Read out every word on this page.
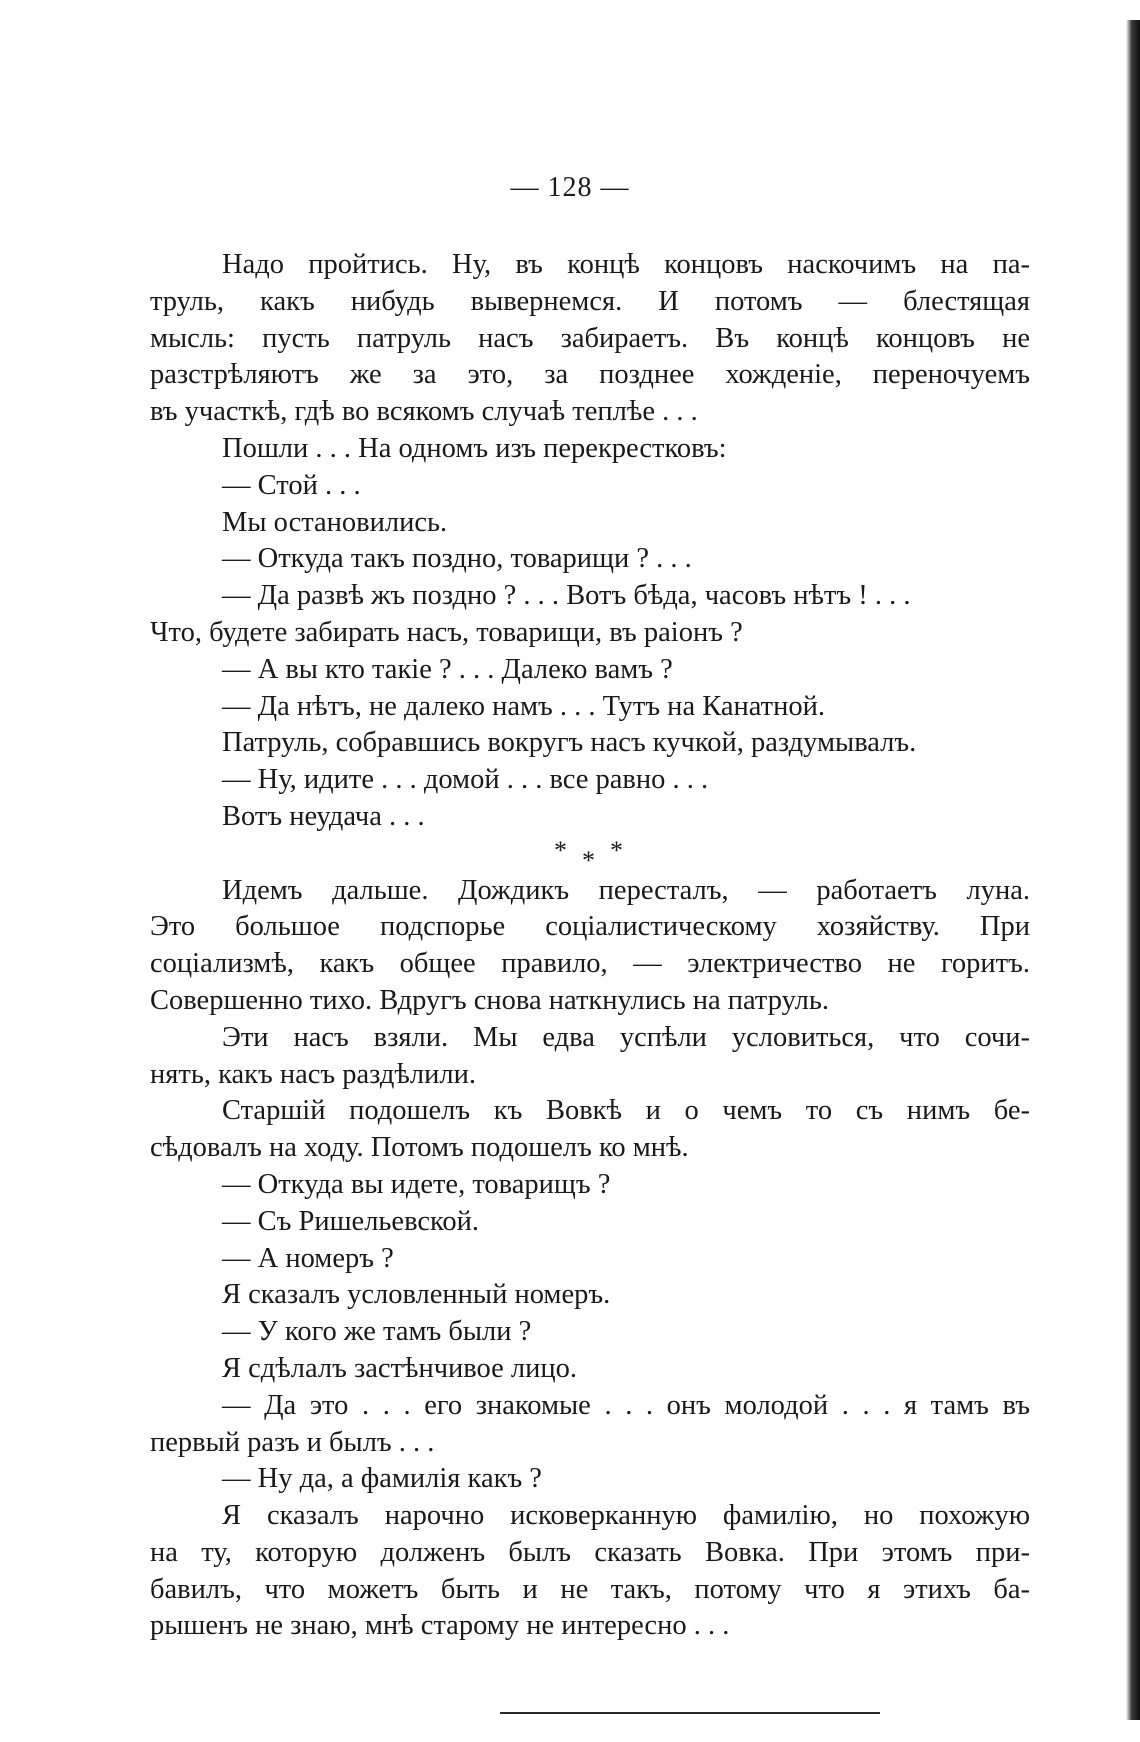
— 128 —
Надо пройтись. Ну, въ концѣ концовъ наскочимъ на па-
труль, какъ нибудь вывернемся. И потомъ — блестящая
мысль: пусть патруль насъ забираетъ. Въ концѣ концовъ не
разстрѣляютъ же за это, за позднее хожденіе, переночуемъ
въ участкѣ, гдѣ во всякомъ случаѣ теплѣе . . .
Пошли . . . На одномъ изъ перекрестковъ:
— Стой . . .
Мы остановились.
— Откуда такъ поздно, товарищи ? . . .
— Да развѣ жъ поздно ? . . . Вотъ бѣда, часовъ нѣтъ ! . . .
Что, будете забирать насъ, товарищи, въ раіонъ ?
— А вы кто такіе ? . . . Далеко вамъ ?
— Да нѣтъ, не далеко намъ . . . Тутъ на Канатной.
Патруль, собравшись вокругъ насъ кучкой, раздумывалъ.
— Ну, идите . . . домой . . . все равно . . .
Вотъ неудача . . .
* * *
Идемъ дальше. Дождикъ пересталъ, — работаетъ луна.
Это большое подспорье соціалистическому хозяйству. При
соціализмѣ, какъ общее правило, — электричество не горитъ.
Совершенно тихо. Вдругъ снова наткнулись на патруль.
Эти насъ взяли. Мы едва успѣли условиться, что сочи-
нять, какъ насъ раздѣлили.
Старшій подошелъ къ Вовкѣ и о чемъ то съ нимъ бе-
сѣдовалъ на ходу. Потомъ подошелъ ко мнѣ.
— Откуда вы идете, товарищъ ?
— Съ Ришельевской.
— А номеръ ?
Я сказалъ условленный номеръ.
— У кого же тамъ были ?
Я сдѣлалъ застѣнчивое лицо.
— Да это . . . его знакомые . . . онъ молодой . . . я тамъ въ
первый разъ и былъ . . .
— Ну да, а фамилія какъ ?
Я сказалъ нарочно исковерканную фамилію, но похожую
на ту, которую долженъ былъ сказать Вовка. При этомъ при-
бавилъ, что можетъ быть и не такъ, потому что я этихъ ба-
рышенъ не знаю, мнѣ старому не интересно . . .
